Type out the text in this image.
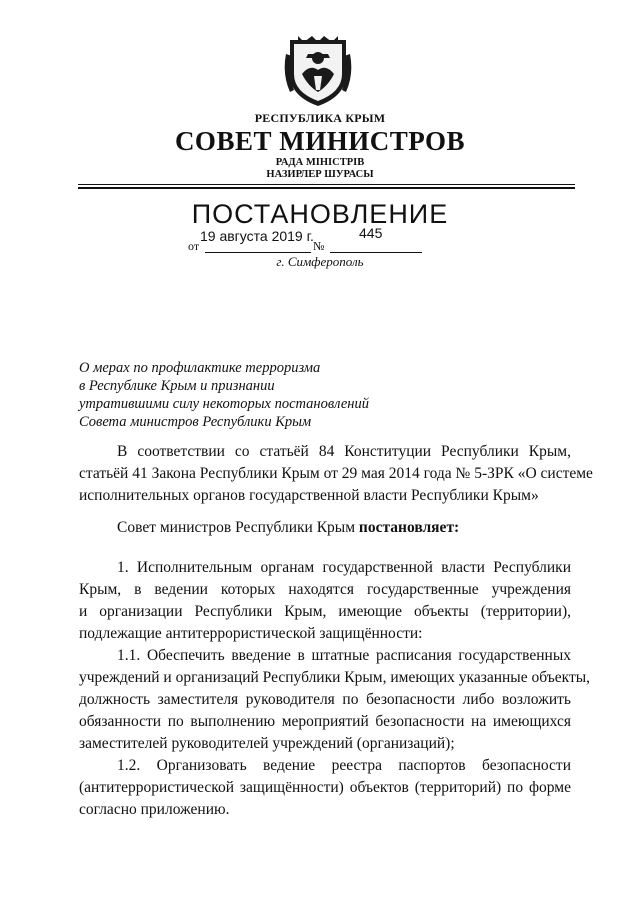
РЕСПУБЛИКА КРЫМ
СОВЕТ МИНИСТРОВ
РАДА МІНІСТРІВ
НАЗИРЛЕР ШУРАСЫ
ПОСТАНОВЛЕНИЕ
от
19 августа 2019 г.
№
445
г. Симферополь
О мерах по профилактике терроризма
в Республике Крым и признании
утратившими силу некоторых постановлений
Совета министров Республики Крым
В соответствии со статьёй 84 Конституции Республики Крым,
статьёй 41 Закона Республики Крым от 29 мая 2014 года № 5-ЗРК «О системе
исполнительных органов государственной власти Республики Крым»
Совет министров Республики Крым постановляет:
1. Исполнительным органам государственной власти Республики
Крым, в ведении которых находятся государственные учреждения
и организации Республики Крым, имеющие объекты (территории),
подлежащие антитеррористической защищённости:
1.1. Обеспечить введение в штатные расписания государственных
учреждений и организаций Республики Крым, имеющих указанные объекты,
должность заместителя руководителя по безопасности либо возложить
обязанности по выполнению мероприятий безопасности на имеющихся
заместителей руководителей учреждений (организаций);
1.2. Организовать ведение реестра паспортов безопасности
(антитеррористической защищённости) объектов (территорий) по форме
согласно приложению.
